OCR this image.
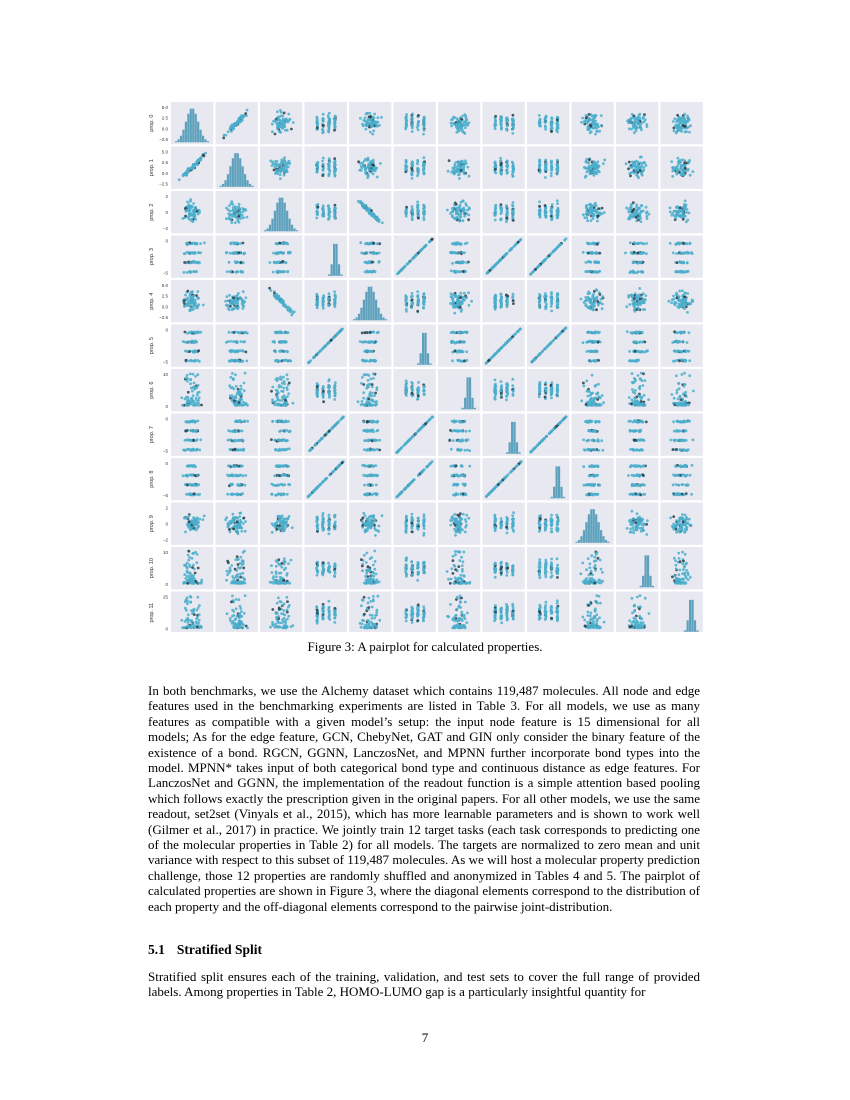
prop. 0
5.0
2.5
0.0
−2.5
prop. 1
5.0
2.5
0.0
−2.5
prop. 2
2
0
−2
prop. 3
0
−5
prop. 4
5.0
2.5
0.0
−2.5
prop. 5
0
−5
prop. 6
10
0
prop. 7
0
−5
prop. 8
0
−5
prop. 9
2
0
−2
prop. 10
10
0
prop. 11
25
0
Figure 3: A pairplot for calculated properties.

In both benchmarks, we use the Alchemy dataset which contains 119,487 molecules. All node and edge features used in the benchmarking experiments are listed in Table 3. For all models, we use as many features as compatible with a given model’s setup: the input node feature is 15 dimensional for all models; As for the edge feature, GCN, ChebyNet, GAT and GIN only consider the binary feature of the existence of a bond. RGCN, GGNN, LanczosNet, and MPNN further incorporate bond types into the model. MPNN* takes input of both categorical bond type and continuous distance as edge features. For LanczosNet and GGNN, the implementation of the readout function is a simple attention based pooling which follows exactly the prescription given in the original papers. For all other models, we use the same readout, set2set (Vinyals et al., 2015), which has more learnable parameters and is shown to work well (Gilmer et al., 2017) in practice. We jointly train 12 target tasks (each task corresponds to predicting one of the molecular properties in Table 2) for all models. The targets are normalized to zero mean and unit variance with respect to this subset of 119,487 molecules. As we will host a molecular property prediction challenge, those 12 properties are randomly shuffled and anonymized in Tables 4 and 5. The pairplot of calculated properties are shown in Figure 3, where the diagonal elements correspond to the distribution of each property and the off-diagonal elements correspond to the pairwise joint-distribution.

5.1 Stratified Split

Stratified split ensures each of the training, validation, and test sets to cover the full range of provided labels. Among properties in Table 2, HOMO-LUMO gap is a particularly insightful quantity for

7
